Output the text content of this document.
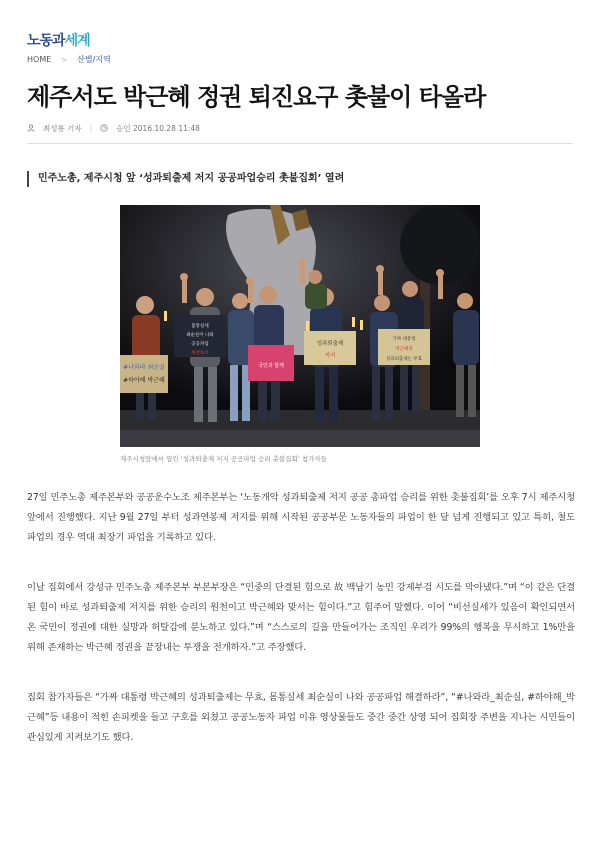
노동과 세계
HOME > 산별/지역
제주서도 박근혜 정권 퇴진요구 촛불이 타올라
최성룡 기자 |	승인 2016.10.28 11:48
민주노총, 제주시청 앞 ‘성과퇴출제 저지 공공파업승리 촛불집회’ 열려
#나와라 최순실
#하야해 박근혜
몸통실세
최순실이 나와
공공파업
해결하라
국민과 함께
성과퇴출제
저지
가짜 대통령
박근혜의
성과퇴출제는 무효
제주시청앞에서 열린 ‘성과퇴출제 저지 공공파업 승리 촛불집회’ 참가자들

27일 민주노총 제주본부와 공공운수노조 제주본부는 ‘노동개악 성과퇴출제 저지 공공 총파업 승리를 위한 촛불집회’를 오후 7시 제주시청 앞에서 진행했다. 지난 9월 27일 부터 성과연봉제 저지를 위해 시작된 공공부문 노동자들의 파업이 한 달 넘게 진행되고 있고 특히, 철도파업의 경우 역대 최장기 파업을 기록하고 있다.

이날 집회에서 강성규 민주노총 제주본부 부본부장은 “민중의 단결된 힘으로 故 백남기 농민 강제부검 시도를 막아냈다.”며 “이 같은 단결된 힘이 바로 성과퇴출제 저지를 위한 승리의 원천이고 박근혜와 맞서는 힘이다.”고 힘주어 말했다. 이어 “비선실세가 있음이 확인되면서 온 국민이 정권에 대한 실망과 허탈감에 분노하고 있다.”며 “스스로의 길을 만들어가는 조직인 우리가 99%의 행복을 무시하고 1%만을 위해 존재하는 박근혜 정권을 끝장내는 투쟁을 전개하자.”고 주장했다.

집회 참가자들은 “가짜 대통령 박근혜의 성과퇴출제는 무효, 몸통실세 최순실이 나와 공공파업 해결하라”, “#나와라_최순실, #하야해_박근혜”등 내용이 적힌 손피켓을 들고 구호를 외쳤고 공공노동자 파업 이유 영상물들도 중간 중간 상영 되어 집회장 주변을 지나는 시민들이 관심있게 지켜보기도 했다.
